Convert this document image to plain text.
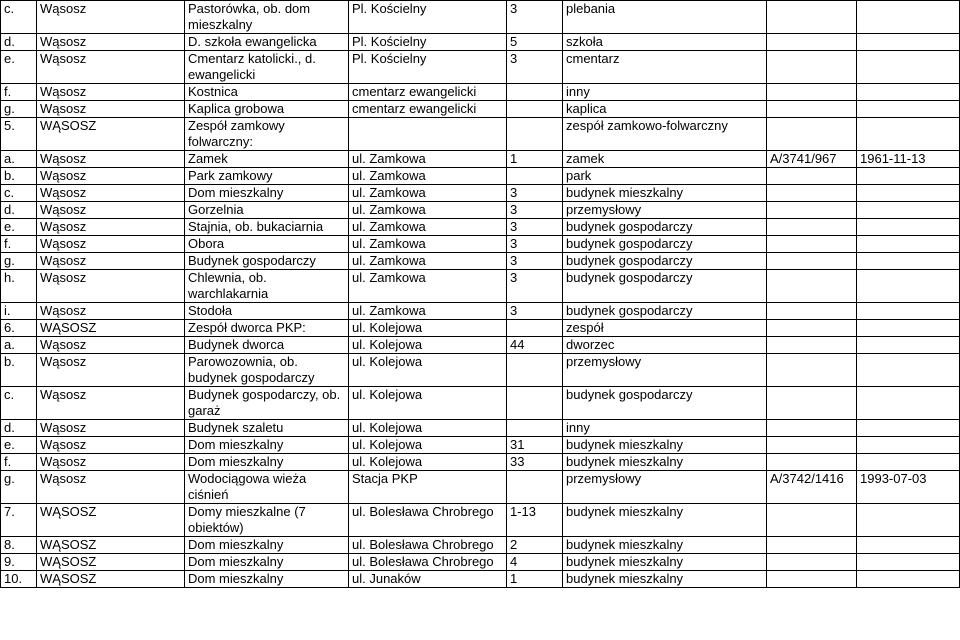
c.	Wąsosz	Pastorówka, ob. dom mieszkalny	Pl. Kościelny	3	plebania		
d.	Wąsosz	D. szkoła ewangelicka	Pl. Kościelny	5	szkoła		
e.	Wąsosz	Cmentarz katolicki., d. ewangelicki	Pl. Kościelny	3	cmentarz		
f.	Wąsosz	Kostnica	cmentarz ewangelicki		inny		
g.	Wąsosz	Kaplica grobowa	cmentarz ewangelicki		kaplica		
5.	WĄSOSZ	Zespół zamkowy folwarczny:			zespół zamkowo-folwarczny		
a.	Wąsosz	Zamek	ul. Zamkowa	1	zamek	A/3741/967	1961-11-13
b.	Wąsosz	Park zamkowy	ul. Zamkowa		park		
c.	Wąsosz	Dom mieszkalny	ul. Zamkowa	3	budynek mieszkalny		
d.	Wąsosz	Gorzelnia	ul. Zamkowa	3	przemysłowy		
e.	Wąsosz	Stajnia, ob. bukaciarnia	ul. Zamkowa	3	budynek gospodarczy		
f.	Wąsosz	Obora	ul. Zamkowa	3	budynek gospodarczy		
g.	Wąsosz	Budynek gospodarczy	ul. Zamkowa	3	budynek gospodarczy		
h.	Wąsosz	Chlewnia, ob. warchlakarnia	ul. Zamkowa	3	budynek gospodarczy		
i.	Wąsosz	Stodoła	ul. Zamkowa	3	budynek gospodarczy		
6.	WĄSOSZ	Zespół dworca PKP:	ul. Kolejowa		zespół		
a.	Wąsosz	Budynek dworca	ul. Kolejowa	44	dworzec		
b.	Wąsosz	Parowozownia, ob. budynek gospodarczy	ul. Kolejowa		przemysłowy		
c.	Wąsosz	Budynek gospodarczy, ob. garaż	ul. Kolejowa		budynek gospodarczy		
d.	Wąsosz	Budynek szaletu	ul. Kolejowa		inny		
e.	Wąsosz	Dom mieszkalny	ul. Kolejowa	31	budynek mieszkalny		
f.	Wąsosz	Dom mieszkalny	ul. Kolejowa	33	budynek mieszkalny		
g.	Wąsosz	Wodociągowa wieża ciśnień	Stacja PKP		przemysłowy	A/3742/1416	1993-07-03
7.	WĄSOSZ	Domy mieszkalne (7 obiektów)	ul. Bolesława Chrobrego	1-13	budynek mieszkalny		
8.	WĄSOSZ	Dom mieszkalny	ul. Bolesława Chrobrego	2	budynek mieszkalny		
9.	WĄSOSZ	Dom mieszkalny	ul. Bolesława Chrobrego	4	budynek mieszkalny		
10.	WĄSOSZ	Dom mieszkalny	ul. Junaków	1	budynek mieszkalny		
